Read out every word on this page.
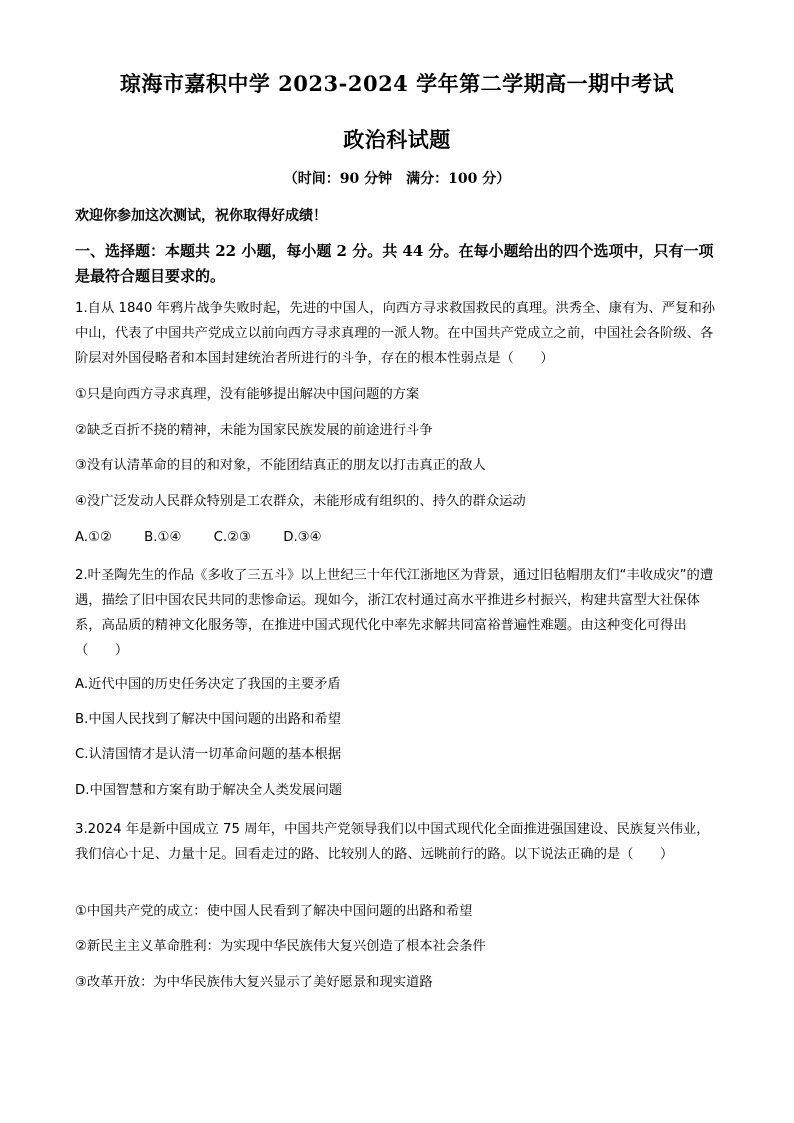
琼海市嘉积中学 2023-2024 学年第二学期高一期中考试
政治科试题
（时间：90 分钟　满分：100 分）
欢迎你参加这次测试，祝你取得好成绩！
一、选择题：本题共 22 小题，每小题 2 分。共 44 分。在每小题给出的四个选项中，只有一项是最符合题目要求的。
1.自从 1840 年鸦片战争失败时起，先进的中国人，向西方寻求救国救民的真理。洪秀全、康有为、严复和孙中山，代表了中国共产党成立以前向西方寻求真理的一派人物。在中国共产党成立之前，中国社会各阶级、各阶层对外国侵略者和本国封建统治者所进行的斗争，存在的根本性弱点是（　　）
①只是向西方寻求真理，没有能够提出解决中国问题的方案
②缺乏百折不挠的精神，未能为国家民族发展的前途进行斗争
③没有认清革命的目的和对象，不能团结真正的朋友以打击真正的敌人
④没广泛发动人民群众特别是工农群众，未能形成有组织的、持久的群众运动
A.①② B.①④ C.②③ D.③④
2.叶圣陶先生的作品《多收了三五斗》以上世纪三十年代江浙地区为背景，通过旧毡帽朋友们“丰收成灾”的遭遇，描绘了旧中国农民共同的悲惨命运。现如今，浙江农村通过高水平推进乡村振兴，构建共富型大社保体系，高品质的精神文化服务等，在推进中国式现代化中率先求解共同富裕普遍性难题。由这种变化可得出（　　）
A.近代中国的历史任务决定了我国的主要矛盾
B.中国人民找到了解决中国问题的出路和希望
C.认清国情才是认清一切革命问题的基本根据
D.中国智慧和方案有助于解决全人类发展问题
3.2024 年是新中国成立 75 周年，中国共产党领导我们以中国式现代化全面推进强国建设、民族复兴伟业，我们信心十足、力量十足。回看走过的路、比较别人的路、远眺前行的路。以下说法正确的是（　　）
①中国共产党的成立：使中国人民看到了解决中国问题的出路和希望
②新民主主义革命胜利：为实现中华民族伟大复兴创造了根本社会条件
③改革开放：为中华民族伟大复兴显示了美好愿景和现实道路
